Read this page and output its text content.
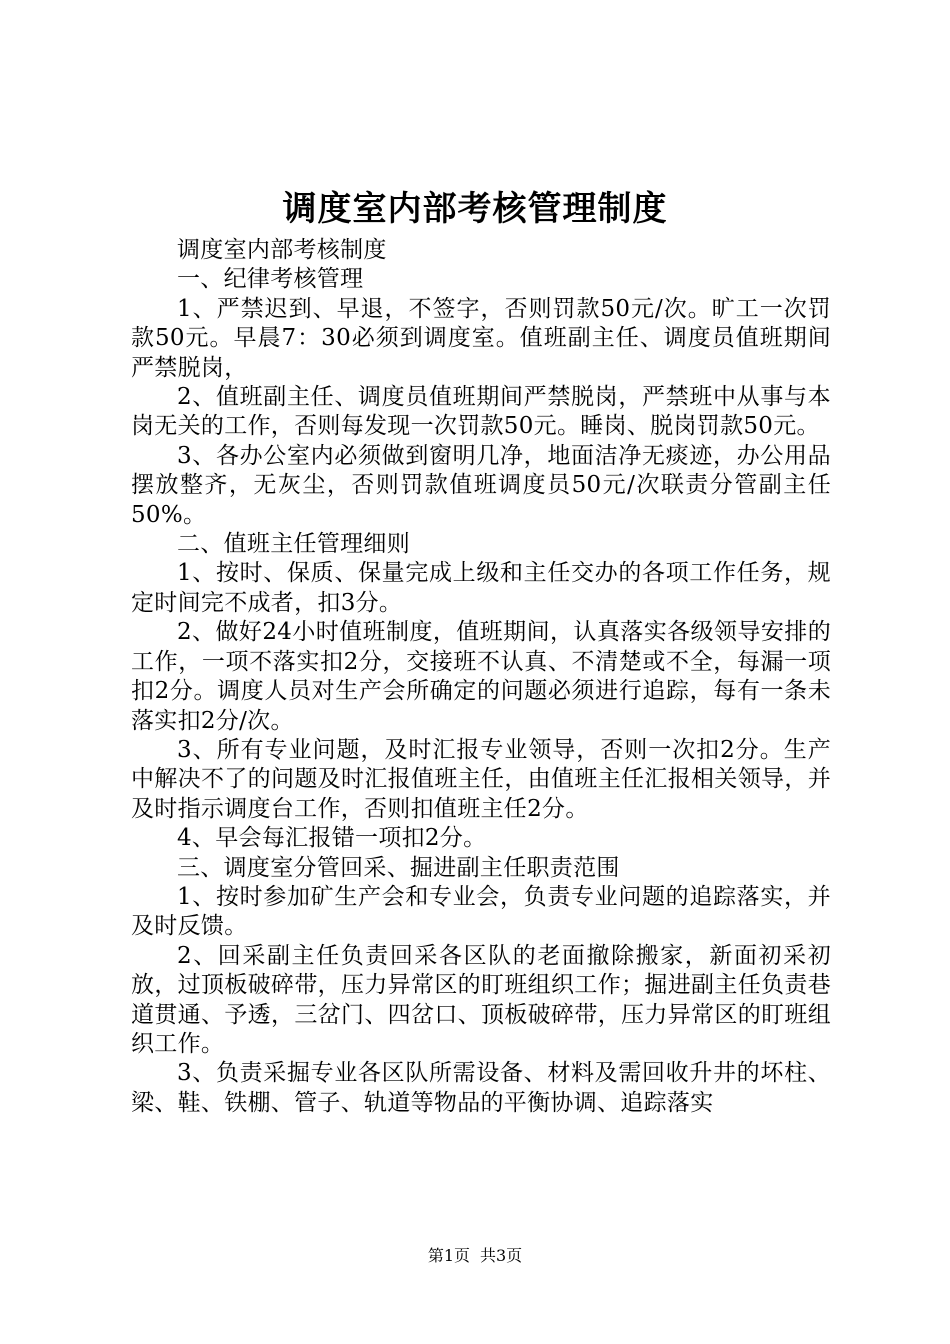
调度室内部考核管理制度

调度室内部考核制度

一、纪律考核管理

1、严禁迟到、早退，不签字，否则罚款50元/次。旷工一次罚款50元。早晨7：30必须到调度室。值班副主任、调度员值班期间严禁脱岗，

2、值班副主任、调度员值班期间严禁脱岗，严禁班中从事与本岗无关的工作，否则每发现一次罚款50元。睡岗、脱岗罚款50元。

3、各办公室内必须做到窗明几净，地面洁净无痰迹，办公用品摆放整齐，无灰尘，否则罚款值班调度员50元/次联责分管副主任50%。

二、值班主任管理细则

1、按时、保质、保量完成上级和主任交办的各项工作任务，规定时间完不成者，扣3分。

2、做好24小时值班制度，值班期间，认真落实各级领导安排的工作，一项不落实扣2分，交接班不认真、不清楚或不全，每漏一项扣2分。调度人员对生产会所确定的问题必须进行追踪，每有一条未落实扣2分/次。

3、所有专业问题，及时汇报专业领导，否则一次扣2分。生产中解决不了的问题及时汇报值班主任，由值班主任汇报相关领导，并及时指示调度台工作，否则扣值班主任2分。

4、早会每汇报错一项扣2分。

三、调度室分管回采、掘进副主任职责范围

1、按时参加矿生产会和专业会，负责专业问题的追踪落实，并及时反馈。

2、回采副主任负责回采各区队的老面撤除搬家，新面初采初放，过顶板破碎带，压力异常区的盯班组织工作；掘进副主任负责巷道贯通、予透，三岔门、四岔口、顶板破碎带，压力异常区的盯班组织工作。

3、负责采掘专业各区队所需设备、材料及需回收升井的坏柱、梁、鞋、铁棚、管子、轨道等物品的平衡协调、追踪落实

第1页 共3页
